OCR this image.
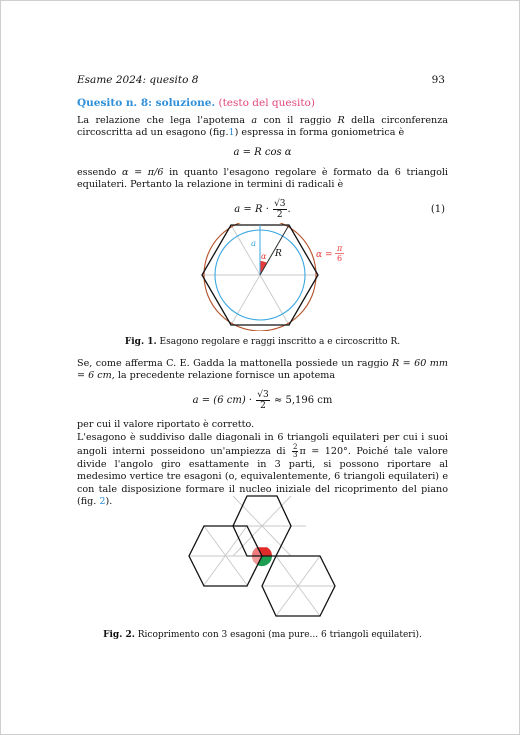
Esame 2024: quesito 8	93
Quesito n. 8: soluzione. (testo del quesito)
La relazione che lega l'apotema a con il raggio R della circonferenza circoscritta ad un esagono (fig.1) espressa in forma goniometrica è
a = R cos α
essendo α = π/6 in quanto l'esagono regolare è formato da 6 triangoli equilateri. Pertanto la relazione in termini di radicali è
$a = R \cdot \frac{√3}{2}$ .	(1)
a
R
α	α =
π
6
Fig. 1. Esagono regolare e raggi inscritto a e circoscritto R.
Se, come afferma C. E. Gadda la mattonella possiede un raggio R = 60 mm = 6 cm, la precedente relazione fornisce un apotema
a = (6 $cm) \cdot \frac{√3}{2} \approx 5,196$ cm
per cui il valore riportato è corretto.
L'esagono è suddiviso dalle diagonali in 6 triangoli equilateri per cui i suoi angoli interni posseidono un'ampiezza di $\frac{2}{3}$ π = 120°. Poiché tale valore divide l'angolo giro esattamente in 3 parti, si possono riportare al medesimo vertice tre esagoni (o, equivalentemente, 6 triangoli equilateri) e con tale disposizione formare il nucleo iniziale del ricoprimento del piano (fig. 2).
Fig. 2. Ricoprimento con 3 esagoni (ma pure... 6 triangoli equilateri).
